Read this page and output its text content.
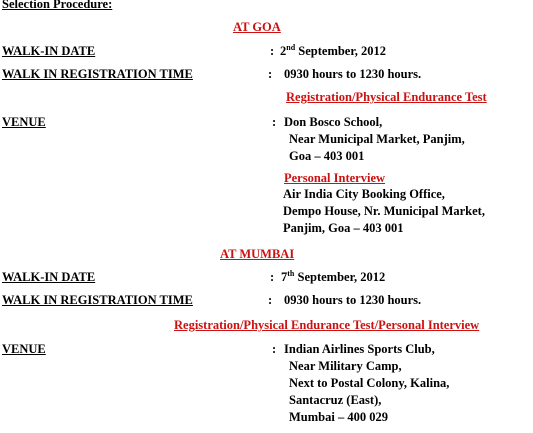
Selection Procedure:
AT GOA
WALK-IN DATE	: 2nd September, 2012
WALK IN REGISTRATION TIME	: 0930 hours to 1230 hours.
Registration/Physical Endurance Test
VENUE	: Don Bosco School,
Near Municipal Market, Panjim,
Goa – 403 001
Personal Interview
Air India City Booking Office,
Dempo House, Nr. Municipal Market,
Panjim, Goa – 403 001
AT MUMBAI
WALK-IN DATE	: 7th September, 2012
WALK IN REGISTRATION TIME	: 0930 hours to 1230 hours.
Registration/Physical Endurance Test/Personal Interview
VENUE	: Indian Airlines Sports Club,
Near Military Camp,
Next to Postal Colony, Kalina,
Santacruz (East),
Mumbai – 400 029
